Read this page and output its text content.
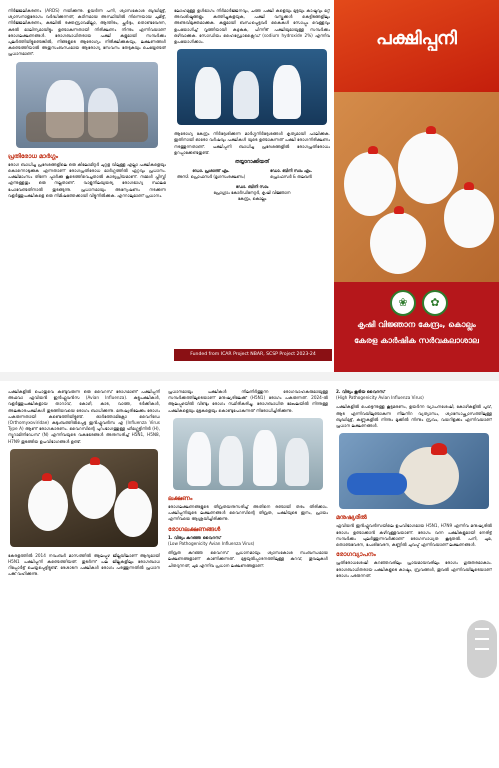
നിർജ്ജലീകരണം (ARDS) നയിക്കുന്നു. ഉയർന്ന പനി, ശ്വാസകോശ ബുദ്ധിമുട്ട്, ശ്വാസനാളരോഗം വർദ്ധിക്കുന്നത്, കഠിനമായ അസ്ഥിയിൽ നിന്നെയായ ചുമിട്ട്, നിർജ്ജലീകരണം, കുടലിൽ രക്തസ്രാവമില്ലാ, ആന്തിരം, ച്ഛർദ്ദം, തൊണ്ടവേദന, കുടൽ മാലിന്യമായിട്ടും ഉണ്ടാകുന്നതായി നിരീക്ഷണം നിന്നും എന്നിവയാണ് രോഗലക്ഷണങ്ങൾ. രോഗബാധിതരായ പക്ഷി കളുമായി സമ്പർക്കം പുലർത്തിയിട്ടുണ്ടെങ്കിൽ, നിങ്ങളുടെ ആരോഗ്യം നിരീക്ഷിക്കുകയും, ലക്ഷണങ്ങൾ കണ്ടെത്തിയാൽ അതുസംബന്ധമായ ആരോഗ്യ സേവനം തേടുകയും ചെയ്യേണ്ടത് പ്രധാനമാണ്.

പ്രതിരോധ മാർഗ്ഗം

രോഗ ബാധിച്ച പ്രദേശങ്ങളിലെ ഒരു കിലോമീറ്റർ ചുറ്റള വിലുള്ള എല്ലാ പക്ഷികളെയും കൊന്നൊടുക്കുക എന്നതാണ് രോഗപ്രതിരോധ മാർഗ്ഗത്തിൽ ഏറ്റവും പ്രധാനം. പക്ഷിമാംസം തിന്നേ പ്പാർക്കു കൂടെത്തിവെച്ചതാൽ കാര്യപ്രിയമാണ്. നമ്മൾ പ്ലീസ്ലി എന്നുള്ളതും ഒരു നല്ലതാണ്. വാളുനിലയുയര്യ രോഗഭാഗ്യ സ്ഥലമ പോവേണ്ടതിനാൽ തുടങ്ങുന്നു. പ്രധാനമായും അന്വേഷണം നടക്കുന്ന വളർത്തുപക്ഷികളെ ഒരു നിമിഷത്തേക്കായി വിട്ടുനിൽക്കുക. എന്നാലുമാണ് പ്രധാനം.

ലോഹമുള്ള ഉൾഭാഗം നിർമാർജ്ജനവും, ചത്ത പക്ഷി കളെയും മുട്ടയും കാഷ്ഠവും മറ്റ് അവശിഷ്ടങ്ങളും കത്തിച്ചുകളയുക, പക്ഷി വസ്തുക്കൾ കെട്ടിടങ്ങളിലും അണുവിമുക്തമാക്കുക. കളുമായി ബന്ധപ്പെട്ടവർ കൈകൾ സോപ്പും വെള്ളവും ഉപയോഗിച്ച് വൃത്തിയായി കഴുകുക, പിന്നീട് പക്ഷിയുമായുള്ള സമ്പർക്കം ഒഴിവാക്കുക. സോഡിയം ഹൈഡ്രോക്സൈഡ് (sodium hydroxide 2%) എന്നിവ ഉപയോഗിക്കാം.

ആരോഗ്യ കേന്ദ്രം നിർദ്ദേശിക്കുന്ന മാർഗ്ഗനിർദ്ദേശങ്ങൾ കൃത്യമായി പാലിക്കുക. ഇതിനായി ഓരോ വർഷവും പക്ഷികൾ യുടെ ഉണ്ടാകുന്നത് പക്ഷി രോഗനിരീക്ഷണം നടത്തുന്നതാണ്. പക്ഷിപ്പനി ബാധിച്ച പ്രദേശങ്ങളിൽ രോഗപ്രതിരോധം ഉറപ്പാക്കേണ്ടതുണ്ട്.

തയ്യാറാക്കിയത്
ഡോ. പ്രശാന്ത് എം.
അസി. പ്രൊഫസർ (മൃഗസംരക്ഷണം)
ഡോ. ബിനി സാം എം.
പ്രൊഫസർ & തലവൻ
ഡോ. ബിനി സാം
പ്രോഗ്രാം കോർഡിനേറ്റർ, കൃഷി വിജ്ഞാന കേന്ദ്രം, കൊല്ലം
Funded from ICAR Project NBAR, SCSP Project 2023-24
പക്ഷിപ്പനി
❀	✿
കൃഷി വിജ്ഞാന കേന്ദ്രം, കൊല്ലം
കേരള കാർഷിക സർവകലാശാല

പക്ഷികളിൽ പൊതുവെ കണ്ടുവരുന്ന ഒരു വൈറസ് രോഗമാണ് പക്ഷിപ്പനി അഥവാ ഏവിയൻ ഇൻഫ്ലുവൻസ (Avian Influenza). കുട്ടുപക്ഷികൾ, വളർത്തുപക്ഷികളായ താറാവ്, കോഴി, കാട, വാത്ത, ടർക്കികൾ, അലങ്കാരപക്ഷികൾ തുടങ്ങിയവയെ രോഗം ബാധിക്കുന്നു. മനുഷ്യരിലേക്കും രോഗം പകരുന്നതായി കണ്ടെത്തിയിട്ടുണ്ട്. ഓർത്തോമിക്സോ വൈറിഡേ (Orthomyxoviridae) കുടുംബത്തിൽപ്പെട്ട ഇൻഫ്ലുവൻസ എ (Influenza Virus Type A) ആണ് രോഗകാരണം. വൈറസിന്റെ പുറംഭാഗത്തുള്ള ഹീമഗ്ലൂട്ടിനിൻ (H), ന്യൂറാമിനിഡേസ് (N) എന്നിവയുടെ വകഭേദങ്ങൾ അനുസരിച്ച് H5N1, H5N8, H7N9 തുടങ്ങിയ ഉപവിഭാഗങ്ങൾ ഉണ്ട്.

കേരളത്തിൽ 2014 നവംബർ മാസത്തിൽ ആലപ്പുഴ ജില്ലയിലാണ് ആദ്യമായി H5N1 പക്ഷിപ്പനി കണ്ടെത്തിയത്. തുടർന്ന് പല ജില്ലകളിലും രോഗബാധ റിപ്പോർട്ട് ചെയ്യപ്പെട്ടിട്ടുണ്ട്. ദേശാടന പക്ഷികൾ രോഗം പരത്തുന്നതിൽ പ്രധാന പങ്ക് വഹിക്കുന്നു.

പ്രധാനമായും പക്ഷികൾ നിലനിർത്തുന്ന രോഗവാഹകരുമായുള്ള സമ്പർക്കത്തിലൂടെയാണ് മനുഷ്യരിലേക്ക് (H5N1) രോഗം പകരുന്നത്. 2024-ൽ ആലപ്പുഴയിൽ വീണ്ടും രോഗം സ്ഥിരീകരിച്ചു. രോഗബാധിത മേഖലയിൽ നിന്നുള്ള പക്ഷികളെയും മുട്ടകളെയും കൊണ്ടുപോകുന്നത് നിരോധിച്ചിരിക്കുന്നു.

ലക്ഷണം

രോഗലക്ഷണങ്ങളുടെ തീവ്രതയനുസരിച്ച് അതിനെ രണ്ടായി തരം തിരിക്കാം. പക്ഷിപ്പനിയുടെ ലക്ഷണങ്ങൾ വൈറസിന്റെ തീവ്രത, പക്ഷിയുടെ ഇനം, പ്രായം എന്നിവയെ ആശ്രയിച്ചിരിക്കുന്നു.

രോഗലക്ഷണങ്ങൾ
1. വീര്യം കുറഞ്ഞ വൈറസ്
(Low Pathogenicity Avian Influenza Virus)

തീവ്രത കുറഞ്ഞ വൈറസ് പ്രധാനമായും ശ്വാസകോശ സംബന്ധമായ ലക്ഷണങ്ങളാണ് കാണിക്കുന്നത്. മുട്ടയുൽപ്പാദനത്തിലുള്ള കുറവ്, തൂവലുകൾ ചിതറുന്നത്, ചുമ എന്നിവ പ്രധാന ലക്ഷണങ്ങളാണ്.

2. വീര്യം കൂടിയ വൈറസ്
(High Pathogenicity Avian Influenza Virus)

പക്ഷികളിൽ പെട്ടെന്നുള്ള കൂട്ടമരണം, ഉയർന്ന വ്യാപനശേഷി, കോഴികളിൽ പൂവ്, ആട എന്നിവയിലുണ്ടാകുന്ന നീലനിറ വ്യത്യാസം, ശ്വാസോച്ഛ്വാസത്തിലുള്ള ബുദ്ധിമുട്ട്, കണ്ണുകളിൽ നിന്നും മൂക്കിൽ നിന്നും സ്രവം, വയറിളക്കം എന്നിവയാണ് പ്രധാന ലക്ഷണങ്ങൾ.

മനുഷ്യരിൽ

ഏവിയൻ ഇൻഫ്ലുവൻസയിലെ ഉപവിഭാഗമായ H5N1, H7N9 എന്നിവ മനുഷ്യരിൽ രോഗം ഉണ്ടാക്കാൻ കഴിവുള്ളവയാണ്. രോഗം വന്ന പക്ഷികളുമായി നേരിട്ട് സമ്പർക്കം പുലർത്തുന്നവർക്കാണ് രോഗസാധ്യത കൂടുതൽ. പനി, ചുമ, തൊണ്ടവേദന, പേശിവേദന, കണ്ണിൽ ചുവപ്പ് എന്നിവയാണ് ലക്ഷണങ്ങൾ.

രോഗവ്യാപനം

പ്രതിരോധശേഷി കുറഞ്ഞവരിലും പ്രായമായവരിലും രോഗം ഗുരുതരമാകാം. രോഗബാധിതരായ പക്ഷികളുടെ കാഷ്ഠം, സ്രവങ്ങൾ, തൂവൽ എന്നിവയിലൂടെയാണ് രോഗം പടരുന്നത്.
